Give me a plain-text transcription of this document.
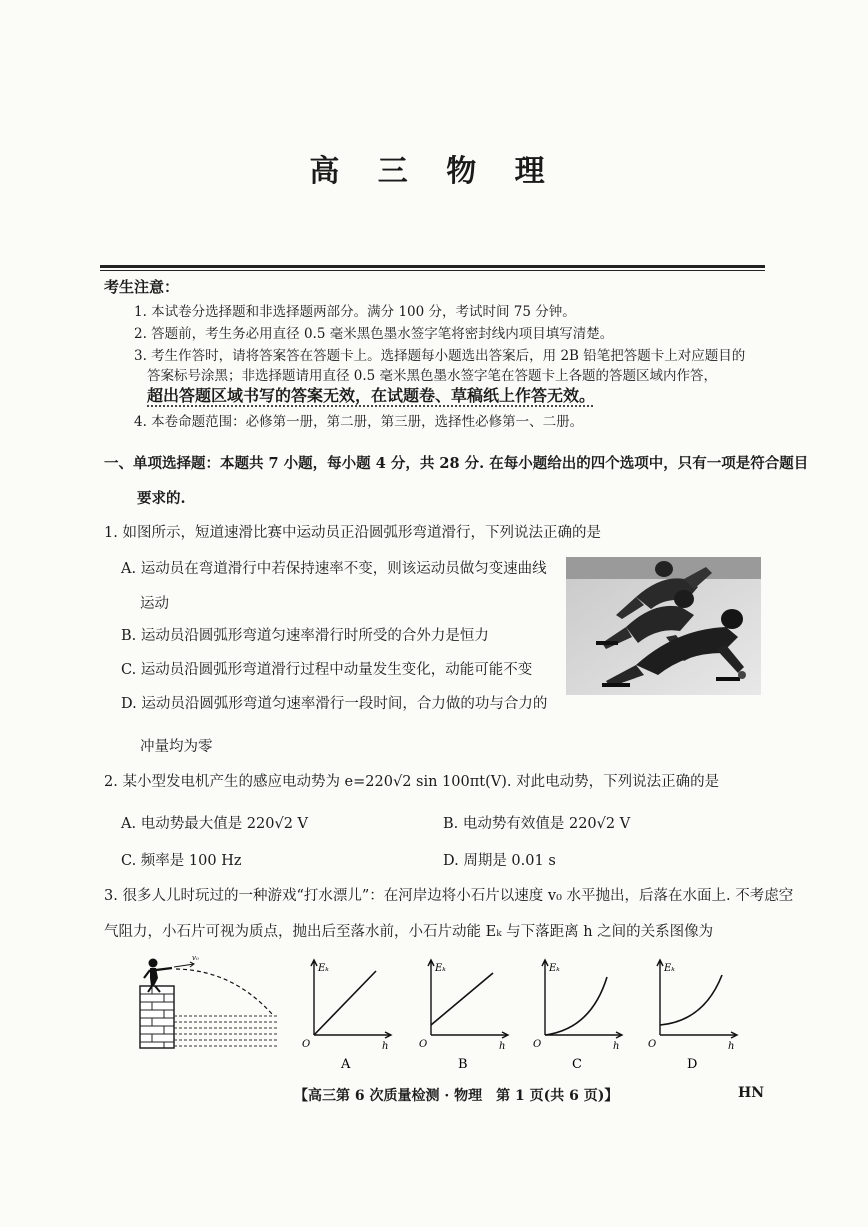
高 三 物 理
考生注意：
1. 本试卷分选择题和非选择题两部分。满分 100 分，考试时间 75 分钟。
2. 答题前，考生务必用直径 0.5 毫米黑色墨水签字笔将密封线内项目填写清楚。
3. 考生作答时，请将答案答在答题卡上。选择题每小题选出答案后，用 2B 铅笔把答题卡上对应题目的
答案标号涂黑；非选择题请用直径 0.5 毫米黑色墨水签字笔在答题卡上各题的答题区域内作答，
超出答题区域书写的答案无效，在试题卷、草稿纸上作答无效。
4. 本卷命题范围：必修第一册，第二册，第三册，选择性必修第一、二册。
一、单项选择题：本题共 7 小题，每小题 4 分，共 28 分. 在每小题给出的四个选项中，只有一项是符合题目
要求的.
1. 如图所示，短道速滑比赛中运动员正沿圆弧形弯道滑行，下列说法正确的是
A. 运动员在弯道滑行中若保持速率不变，则该运动员做匀变速曲线
运动
B. 运动员沿圆弧形弯道匀速率滑行时所受的合外力是恒力
C. 运动员沿圆弧形弯道滑行过程中动量发生变化，动能可能不变
D. 运动员沿圆弧形弯道匀速率滑行一段时间，合力做的功与合力的
冲量均为零
2. 某小型发电机产生的感应电动势为 e=220√2 sin 100πt(V). 对此电动势，下列说法正确的是
A. 电动势最大值是 220√2 V	B. 电动势有效值是 220√2 V
C. 频率是 100 Hz	D. 周期是 0.01 s
3. 很多人儿时玩过的一种游戏“打水漂儿”：在河岸边将小石片以速度 v₀ 水平抛出，后落在水面上. 不考虑空
气阻力，小石片可视为质点，抛出后至落水前，小石片动能 Eₖ 与下落距离 h 之间的关系图像为
v₀
Eₖ
O	h
A
Eₖ
O	h
B
Eₖ
O	h
C
Eₖ
O	h
D
【高三第 6 次质量检测 · 物理　第 1 页(共 6 页)】	HN
